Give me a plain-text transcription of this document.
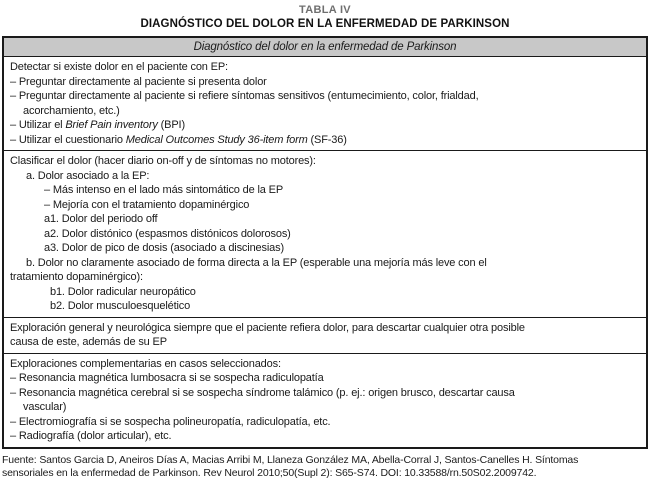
TABLA IV
DIAGNÓSTICO DEL DOLOR EN LA ENFERMEDAD DE PARKINSON
Diagnóstico del dolor en la enfermedad de Parkinson
Detectar si existe dolor en el paciente con EP:
– Preguntar directamente al paciente si presenta dolor
– Preguntar directamente al paciente si refiere síntomas sensitivos (entumecimiento, color, frialdad,
acorchamiento, etc.)
– Utilizar el Brief Pain inventory (BPI)
– Utilizar el cuestionario Medical Outcomes Study 36-item form (SF-36)
Clasificar el dolor (hacer diario on-off y de síntomas no motores):
a. Dolor asociado a la EP:
– Más intenso en el lado más sintomático de la EP
– Mejoría con el tratamiento dopaminérgico
a1. Dolor del periodo off
a2. Dolor distónico (espasmos distónicos dolorosos)
a3. Dolor de pico de dosis (asociado a discinesias)
b. Dolor no claramente asociado de forma directa a la EP (esperable una mejoría más leve con el
tratamiento dopaminérgico):
b1. Dolor radicular neuropático
b2. Dolor musculoesquelético
Exploración general y neurológica siempre que el paciente refiera dolor, para descartar cualquier otra posible
causa de este, además de su EP
Exploraciones complementarias en casos seleccionados:
– Resonancia magnética lumbosacra si se sospecha radiculopatía
– Resonancia magnética cerebral si se sospecha síndrome talámico (p. ej.: origen brusco, descartar causa
vascular)
– Electromiografía si se sospecha polineuropatía, radiculopatía, etc.
– Radiografía (dolor articular), etc.
Fuente: Santos Garcia D, Aneiros Días A, Macias Arribi M, Llaneza González MA, Abella-Corral J, Santos-Canelles H. Síntomas
sensoriales en la enfermedad de Parkinson. Rev Neurol 2010;50(Supl 2): S65-S74. DOI: 10.33588/rn.50S02.2009742.
